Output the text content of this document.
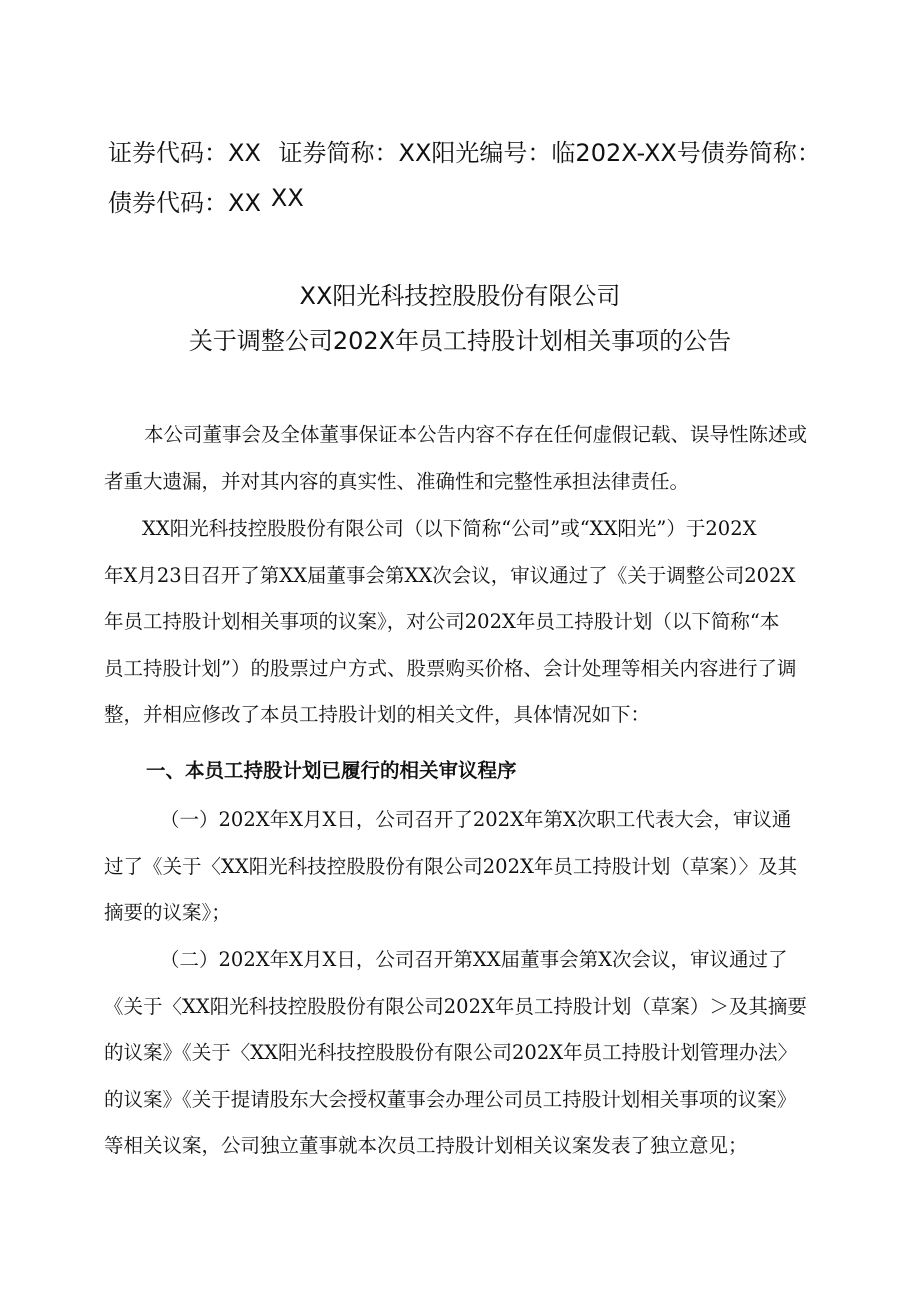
证券代码：XX 证券简称：XX阳光编号：临202X-XX号债券简称：
债券代码：XX XX
XX阳光科技控股股份有限公司
关于调整公司202X年员工持股计划相关事项的公告
本公司董事会及全体董事保证本公告内容不存在任何虚假记载、误导性陈述或
者重大遗漏，并对其内容的真实性、准确性和完整性承担法律责任。
XX阳光科技控股股份有限公司（以下简称“公司”或“XX阳光”）于202X
年X月23日召开了第XX届董事会第XX次会议，审议通过了《关于调整公司202X
年员工持股计划相关事项的议案》，对公司202X年员工持股计划（以下简称“本
员工持股计划”）的股票过户方式、股票购买价格、会计处理等相关内容进行了调
整，并相应修改了本员工持股计划的相关文件，具体情况如下：
一、本员工持股计划已履行的相关审议程序
（一）202X年X月X日，公司召开了202X年第X次职工代表大会，审议通
过了《关于〈XX阳光科技控股股份有限公司202X年员工持股计划（草案）〉及其
摘要的议案》；
（二）202X年X月X日，公司召开第XX届董事会第X次会议，审议通过了
《关于〈XX阳光科技控股股份有限公司202X年员工持股计划（草案）＞及其摘要
的议案》《关于〈XX阳光科技控股股份有限公司202X年员工持股计划管理办法〉
的议案》《关于提请股东大会授权董事会办理公司员工持股计划相关事项的议案》
等相关议案，公司独立董事就本次员工持股计划相关议案发表了独立意见；
